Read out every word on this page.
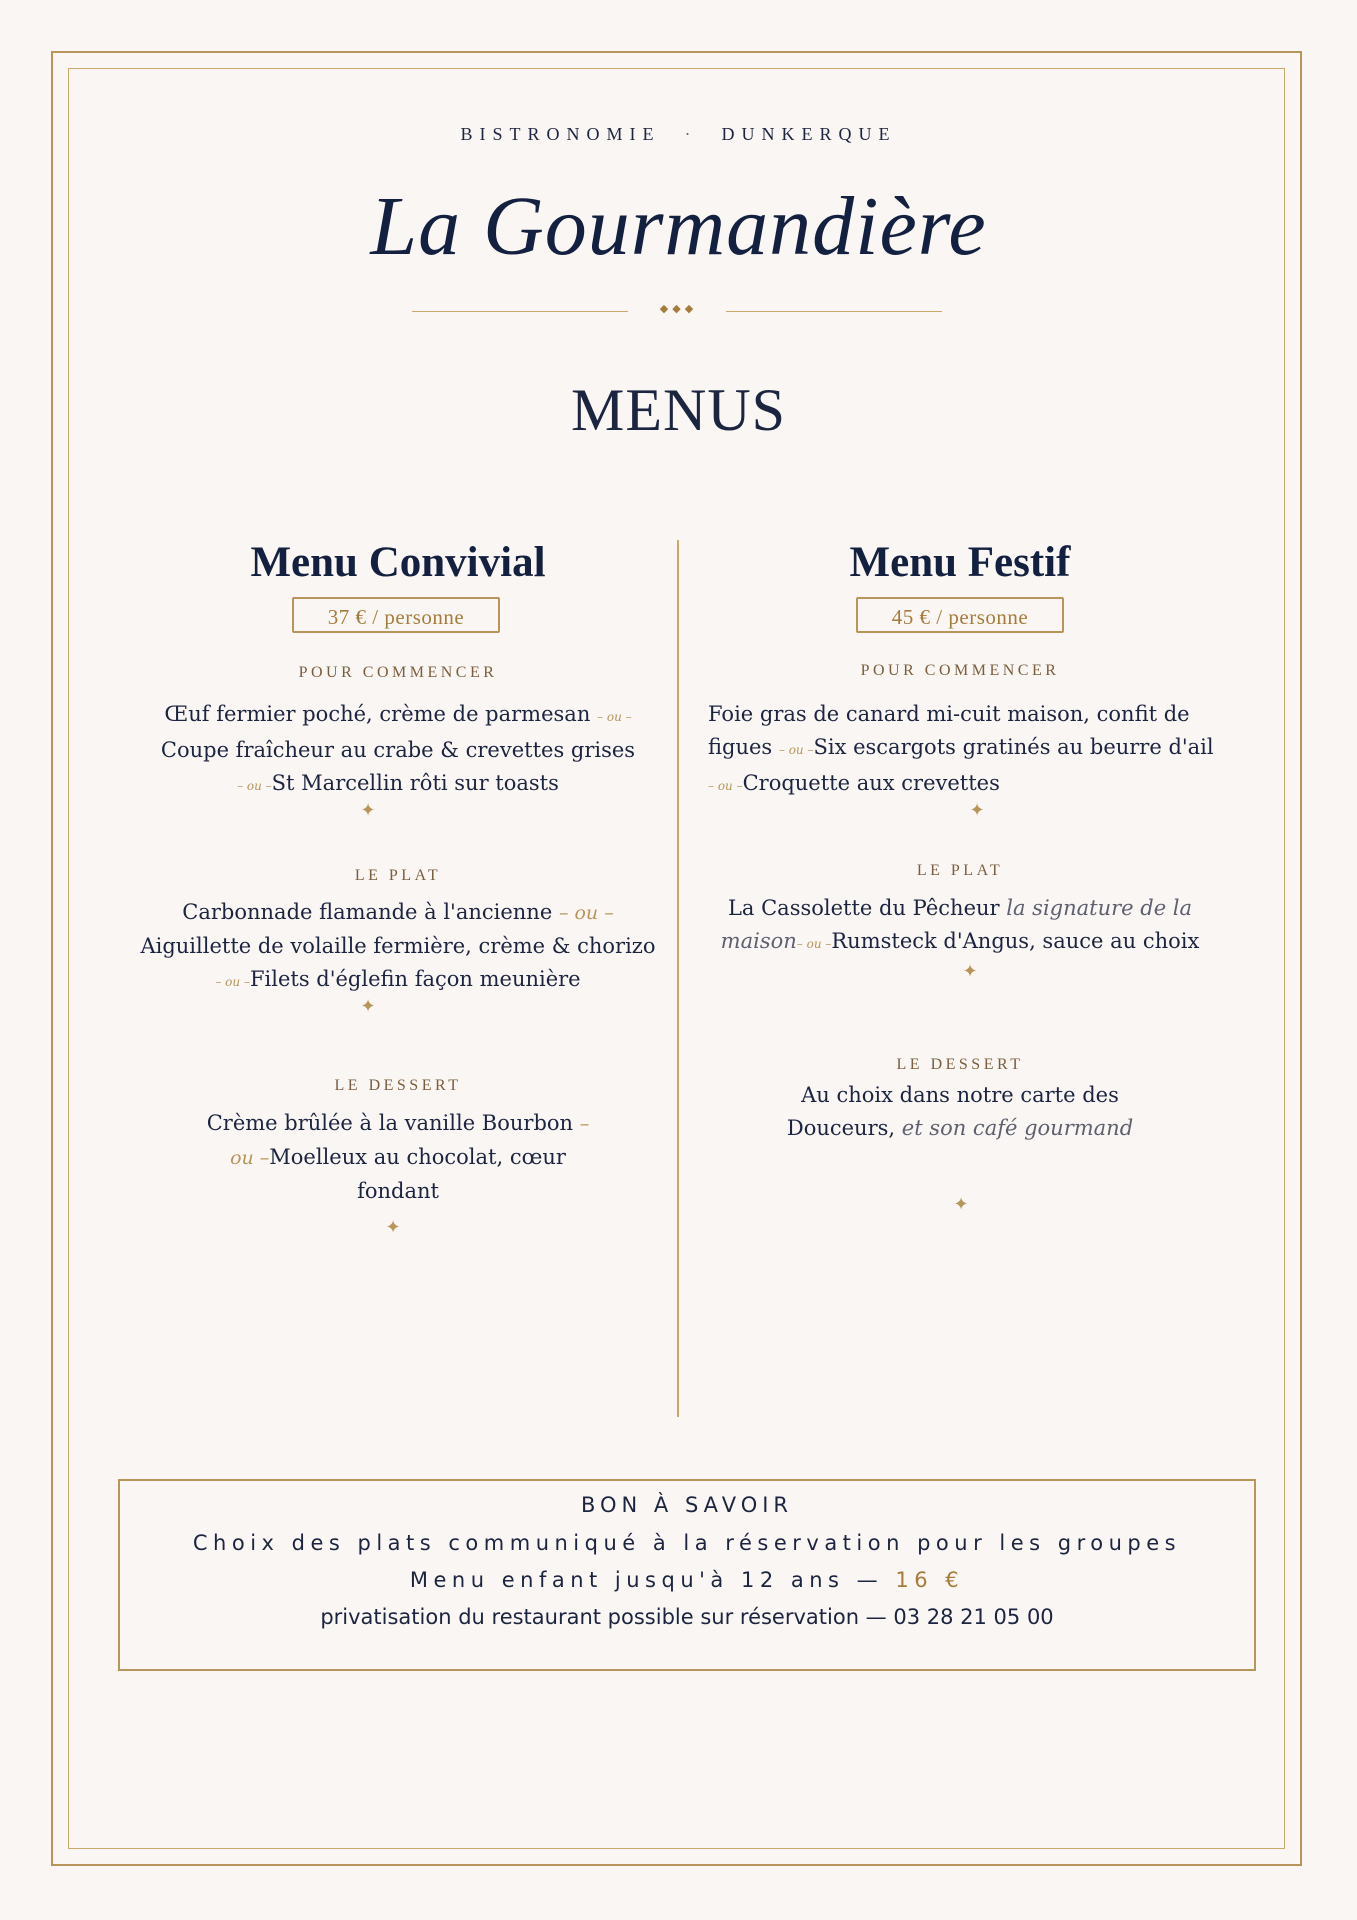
BISTRONOMIE · DUNKERQUE
La Gourmandière
◆◆◆
MENUS
Menu Convivial
37 € / personne
POUR COMMENCER
Œuf fermier poché, crème de parmesan – ou –
Coupe fraîcheur au crabe & crevettes grises
– ou –St Marcellin rôti sur toasts
✦
LE PLAT
Carbonnade flamande à l'ancienne – ou –
Aiguillette de volaille fermière, crème & chorizo
– ou –Filets d'églefin façon meunière
✦
LE DESSERT
Crème brûlée à la vanille Bourbon – ou –Moelleux au chocolat, cœur fondant
✦
Menu Festif
45 € / personne
POUR COMMENCER
Foie gras de canard mi-cuit maison, confit de figues – ou –Six escargots gratinés au beurre d'ail
– ou –Croquette aux crevettes
✦
LE PLAT
La Cassolette du Pêcheur la signature de la maison– ou –Rumsteck d'Angus, sauce au choix
✦
LE DESSERT
Au choix dans notre carte des Douceurs, et son café gourmand
✦
BON À SAVOIR
Choix des plats communiqué à la réservation pour les groupes
Menu enfant jusqu'à 12 ans — 16 €
privatisation du restaurant possible sur réservation — 03 28 21 05 00
